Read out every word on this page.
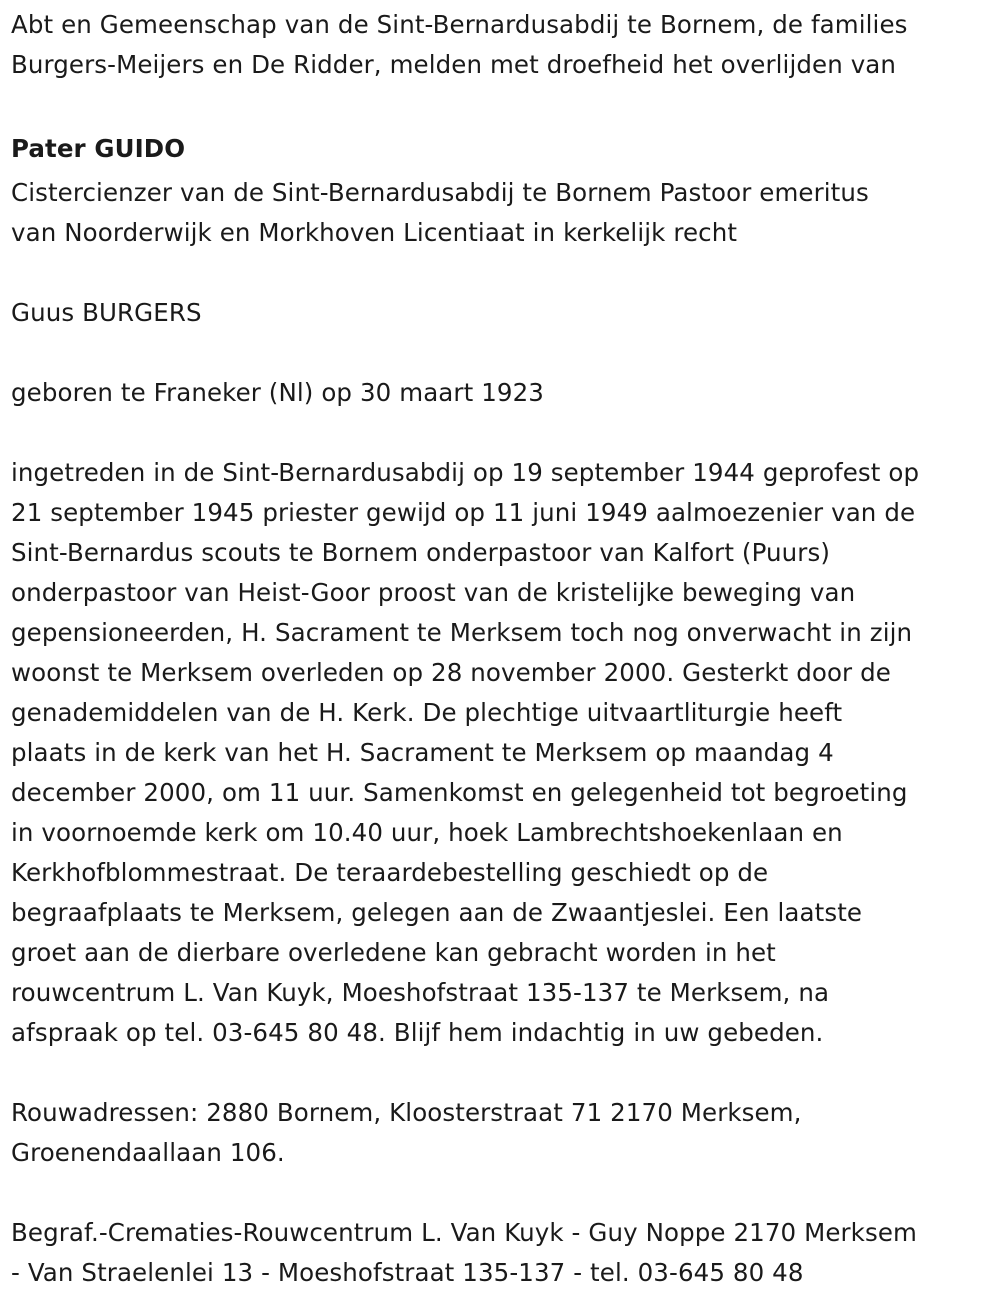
Abt en Gemeenschap van de Sint-Bernardusabdij te Bornem, de families
Burgers-Meijers en De Ridder, melden met droefheid het overlijden van

Pater GUIDO

Cistercienzer van de Sint-Bernardusabdij te Bornem Pastoor emeritus
van Noorderwijk en Morkhoven Licentiaat in kerkelijk recht

Guus BURGERS

geboren te Franeker (Nl) op 30 maart 1923

ingetreden in de Sint-Bernardusabdij op 19 september 1944 geprofest op
21 september 1945 priester gewijd op 11 juni 1949 aalmoezenier van de
Sint-Bernardus scouts te Bornem onderpastoor van Kalfort (Puurs)
onderpastoor van Heist-Goor proost van de kristelijke beweging van
gepensioneerden, H. Sacrament te Merksem toch nog onverwacht in zijn
woonst te Merksem overleden op 28 november 2000. Gesterkt door de
genademiddelen van de H. Kerk. De plechtige uitvaartliturgie heeft
plaats in de kerk van het H. Sacrament te Merksem op maandag 4
december 2000, om 11 uur. Samenkomst en gelegenheid tot begroeting
in voornoemde kerk om 10.40 uur, hoek Lambrechtshoekenlaan en
Kerkhofblommestraat. De teraardebestelling geschiedt op de
begraafplaats te Merksem, gelegen aan de Zwaantjeslei. Een laatste
groet aan de dierbare overledene kan gebracht worden in het
rouwcentrum L. Van Kuyk, Moeshofstraat 135-137 te Merksem, na
afspraak op tel. 03-645 80 48. Blijf hem indachtig in uw gebeden.

Rouwadressen: 2880 Bornem, Kloosterstraat 71 2170 Merksem,
Groenendaallaan 106.

Begraf.-Crematies-Rouwcentrum L. Van Kuyk - Guy Noppe 2170 Merksem
- Van Straelenlei 13 - Moeshofstraat 135-137 - tel. 03-645 80 48
